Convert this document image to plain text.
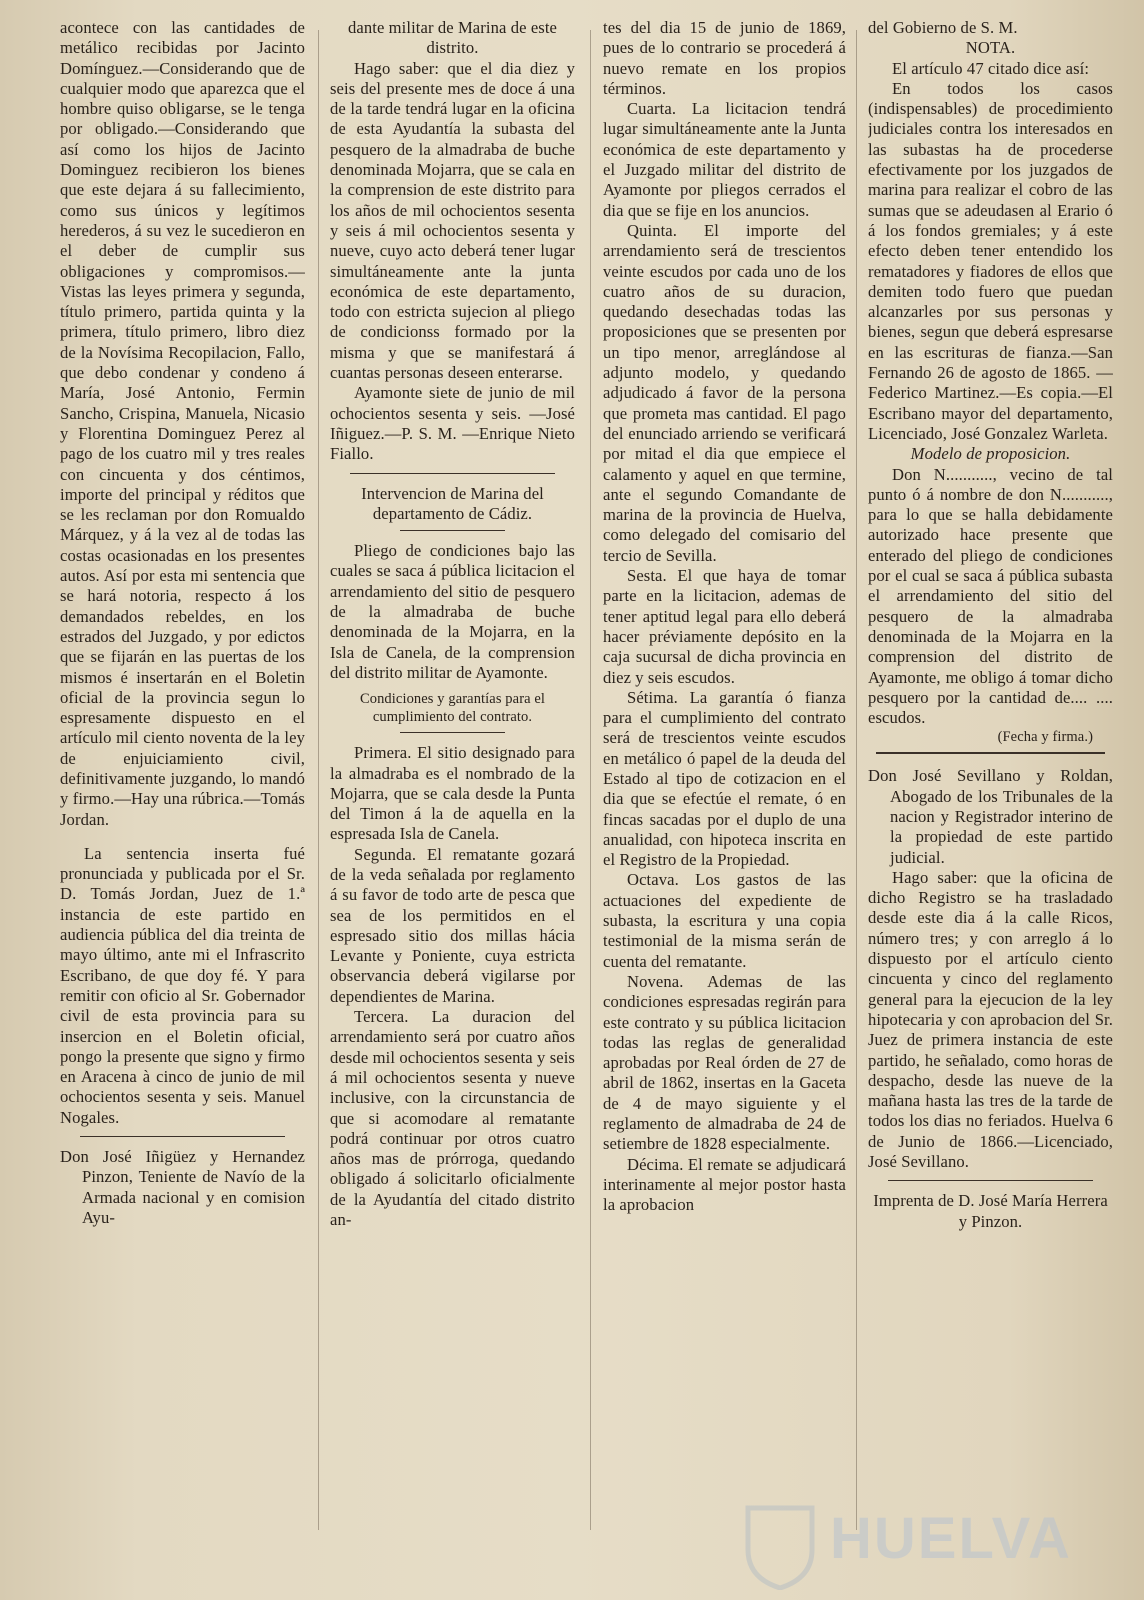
acontece con las cantidades de metálico recibidas por Jacinto Domínguez.—Considerando que de cualquier modo que aparezca que el hombre quiso obligarse, se le tenga por obligado.—Considerando que así como los hijos de Jacinto Dominguez recibieron los bienes que este dejara á su fallecimiento, como sus únicos y legítimos herederos, á su vez le sucedieron en el deber de cumplir sus obligaciones y compromisos.—Vistas las leyes primera y segunda, título primero, partida quinta y la primera, título primero, libro diez de la Novísima Recopilacion, Fallo, que debo condenar y condeno á María, José Antonio, Fermin Sancho, Crispina, Manuela, Nicasio y Florentina Dominguez Perez al pago de los cuatro mil y tres reales con cincuenta y dos céntimos, importe del principal y réditos que se les reclaman por don Romualdo Márquez, y á la vez al de todas las costas ocasionadas en los presentes autos. Así por esta mi sentencia que se hará notoria, respecto á los demandados rebeldes, en los estrados del Juzgado, y por edictos que se fijarán en las puertas de los mismos é insertarán en el Boletin oficial de la provincia segun lo espresamente dispuesto en el artículo mil ciento noventa de la ley de enjuiciamiento civil, definitivamente juzgando, lo mandó y firmo.—Hay una rúbrica.—Tomás Jordan.

La sentencia inserta fué pronunciada y publicada por el Sr. D. Tomás Jordan, Juez de 1.ª instancia de este partido en audiencia pública del dia treinta de mayo último, ante mi el Infrascrito Escribano, de que doy fé. Y para remitir con oficio al Sr. Gobernador civil de esta provincia para su insercion en el Boletin oficial, pongo la presente que signo y firmo en Aracena à cinco de junio de mil ochocientos sesenta y seis. Manuel Nogales.

Don José Iñigüez y Hernandez Pinzon, Teniente de Navío de la Armada nacional y en comision Ayu-

dante militar de Marina de este distrito.

Hago saber: que el dia diez y seis del presente mes de doce á una de la tarde tendrá lugar en la oficina de esta Ayudantía la subasta del pesquero de la almadraba de buche denominada Mojarra, que se cala en la comprension de este distrito para los años de mil ochocientos sesenta y seis á mil ochocientos sesenta y nueve, cuyo acto deberá tener lugar simultáneamente ante la junta económica de este departamento, todo con estricta sujecion al pliego de condicionss formado por la misma y que se manifestará á cuantas personas deseen enterarse.

Ayamonte siete de junio de mil ochocientos sesenta y seis. —José Iñiguez.—P. S. M. —Enrique Nieto Fiallo.

Intervencion de Marina del departamento de Cádiz.

Pliego de condiciones bajo las cuales se saca á pública licitacion el arrendamiento del sitio de pesquero de la almadraba de buche denominada de la Mojarra, en la Isla de Canela, de la comprension del distrito militar de Ayamonte.

Condiciones y garantías para el cumplimiento del contrato.

Primera. El sitio designado para la almadraba es el nombrado de la Mojarra, que se cala desde la Punta del Timon á la de aquella en la espresada Isla de Canela.

Segunda. El rematante gozará de la veda señalada por reglamento á su favor de todo arte de pesca que sea de los permitidos en el espresado sitio dos millas hácia Levante y Poniente, cuya estricta observancia deberá vigilarse por dependientes de Marina.

Tercera. La duracion del arrendamiento será por cuatro años desde mil ochocientos sesenta y seis á mil ochocientos sesenta y nueve inclusive, con la circunstancia de que si acomodare al rematante podrá continuar por otros cuatro años mas de prórroga, quedando obligado á solicitarlo oficialmente de la Ayudantía del citado distrito an-

tes del dia 15 de junio de 1869, pues de lo contrario se procederá á nuevo remate en los propios términos.

Cuarta. La licitacion tendrá lugar simultáneamente ante la Junta económica de este departamento y el Juzgado militar del distrito de Ayamonte por pliegos cerrados el dia que se fije en los anuncios.

Quinta. El importe del arrendamiento será de trescientos veinte escudos por cada uno de los cuatro años de su duracion, quedando desechadas todas las proposiciones que se presenten por un tipo menor, arreglándose al adjunto modelo, y quedando adjudicado á favor de la persona que prometa mas cantidad. El pago del enunciado arriendo se verificará por mitad el dia que empiece el calamento y aquel en que termine, ante el segundo Comandante de marina de la provincia de Huelva, como delegado del comisario del tercio de Sevilla.

Sesta. El que haya de tomar parte en la licitacion, ademas de tener aptitud legal para ello deberá hacer préviamente depósito en la caja sucursal de dicha provincia en diez y seis escudos.

Sétima. La garantía ó fianza para el cumplimiento del contrato será de trescientos veinte escudos en metálico ó papel de la deuda del Estado al tipo de cotizacion en el dia que se efectúe el remate, ó en fincas sacadas por el duplo de una anualidad, con hipoteca inscrita en el Registro de la Propiedad.

Octava. Los gastos de las actuaciones del expediente de subasta, la escritura y una copia testimonial de la misma serán de cuenta del rematante.

Novena. Ademas de las condiciones espresadas regirán para este contrato y su pública licitacion todas las reglas de generalidad aprobadas por Real órden de 27 de abril de 1862, insertas en la Gaceta de 4 de mayo siguiente y el reglamento de almadraba de 24 de setiembre de 1828 especialmente.

Décima. El remate se adjudicará interinamente al mejor postor hasta la aprobacion

del Gobierno de S. M.

NOTA.

El artículo 47 citado dice así:

En todos los casos (indispensables) de procedimiento judiciales contra los interesados en las subastas ha de procederse efectivamente por los juzgados de marina para realizar el cobro de las sumas que se adeudasen al Erario ó á los fondos gremiales; y á este efecto deben tener entendido los rematadores y fiadores de ellos que demiten todo fuero que puedan alcanzarles por sus personas y bienes, segun que deberá espresarse en las escrituras de fianza.—San Fernando 26 de agosto de 1865. —Federico Martinez.—Es copia.—El Escribano mayor del departamento, Licenciado, José Gonzalez Warleta.

Modelo de proposicion.

Don N..........., vecino de tal punto ó á nombre de don N..........., para lo que se halla debidamente autorizado hace presente que enterado del pliego de condiciones por el cual se saca á pública subasta el arrendamiento del sitio del pesquero de la almadraba denominada de la Mojarra en la comprension del distrito de Ayamonte, me obligo á tomar dicho pesquero por la cantidad de.... .... escudos.

(Fecha y firma.)

Don José Sevillano y Roldan, Abogado de los Tribunales de la nacion y Registrador interino de la propiedad de este partido judicial.

Hago saber: que la oficina de dicho Registro se ha trasladado desde este dia á la calle Ricos, número tres; y con arreglo á lo dispuesto por el artículo ciento cincuenta y cinco del reglamento general para la ejecucion de la ley hipotecaria y con aprobacion del Sr. Juez de primera instancia de este partido, he señalado, como horas de despacho, desde las nueve de la mañana hasta las tres de la tarde de todos los dias no feriados. Huelva 6 de Junio de 1866.—Licenciado, José Sevillano.

Imprenta de D. José María Herrera y Pinzon.

HUELVA
